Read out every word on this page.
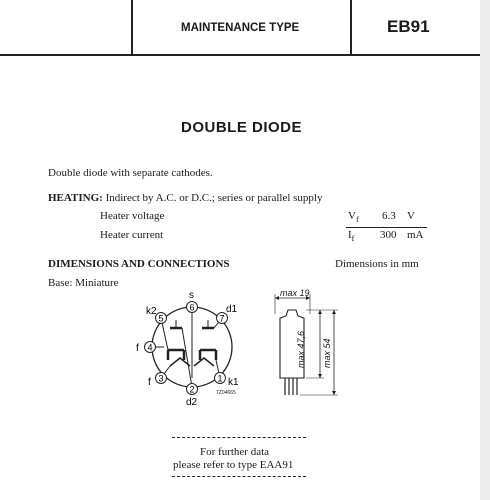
MAINTENANCE TYPE	EB91
DOUBLE DIODE
Double diode with separate cathodes.
HEATING: Indirect by A.C. or D.C.; series or parallel supply
Heater voltage	$V_f$ 6.3 V
Heater current	$I_f$ 300 mA
DIMENSIONS AND CONNECTIONS	Dimensions in mm
Base: Miniature
6
7
5
4
3
2
1
s
d1
k2
f
f
d2
k1
7Z04665
max 19
max 47,6 max 54
For further data
please refer to type EAA91
